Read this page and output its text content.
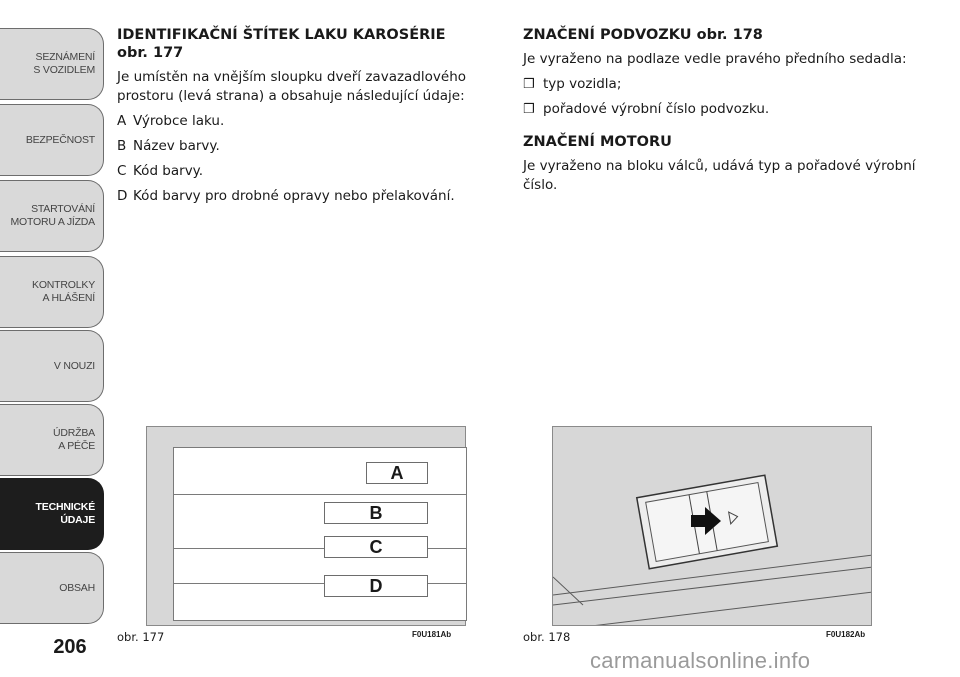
SEZNÁMENÍ
S VOZIDLEM
BEZPEČNOST
STARTOVÁNÍ
MOTORU A JÍZDA
KONTROLKY
A HLÁŠENÍ
V NOUZI
ÚDRŽBA
A PÉČE
TECHNICKÉ
ÚDAJE
OBSAH
206
IDENTIFIKAČNÍ ŠTÍTEK LAKU KAROSÉRIE
obr. 177

Je umístěn na vnějším sloupku dveří zavazadlového prostoru (levá strana) a obsahuje následující údaje:

A Výrobce laku.
B Název barvy.
C Kód barvy.
D Kód barvy pro drobné opravy nebo přelakování.
ZNAČENÍ PODVOZKU obr. 178

Je vyraženo na podlaze vedle pravého předního sedadla:

❒ typ vozidla;
❒ pořadové výrobní číslo podvozku.
ZNAČENÍ MOTORU

Je vyraženo na bloku válců, udává typ a pořadové výrobní číslo.

A
B
C
D
obr. 177	F0U181Ab	obr. 178	F0U182Ab
carmanualsonline.info
